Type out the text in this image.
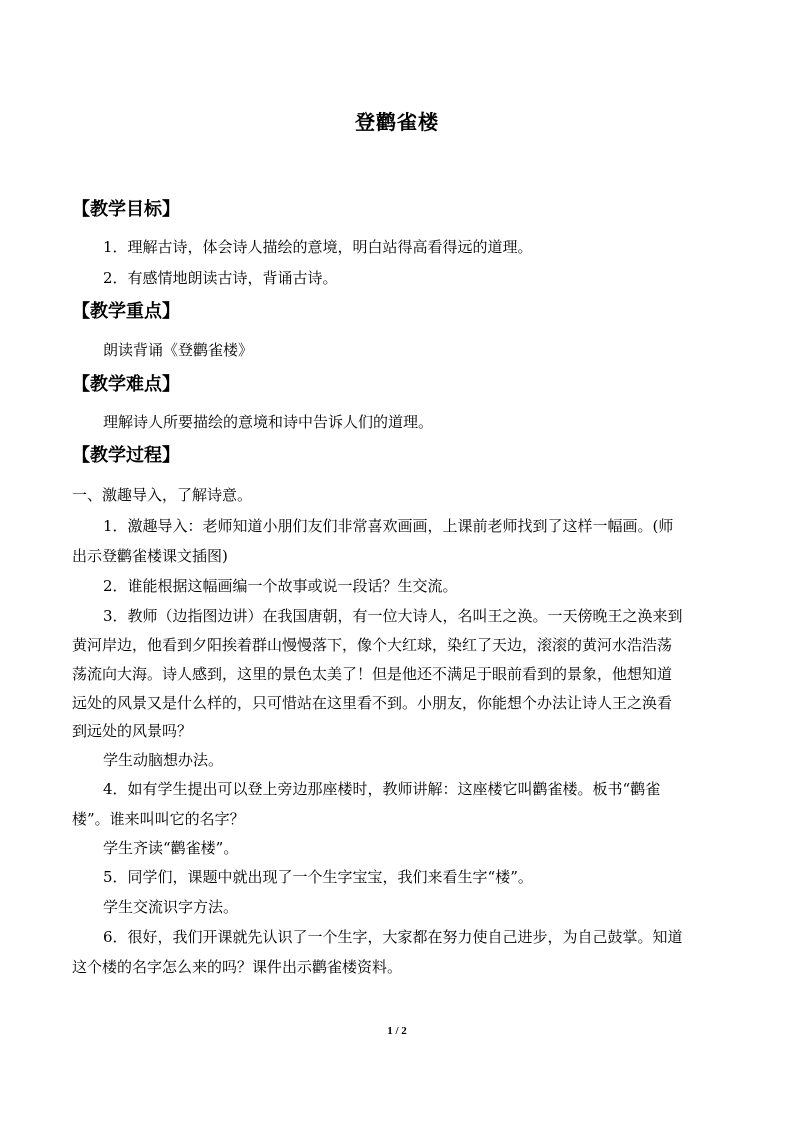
登鹳雀楼
【教学目标】
1．理解古诗，体会诗人描绘的意境，明白站得高看得远的道理。
2．有感情地朗读古诗，背诵古诗。
【教学重点】
朗读背诵《登鹳雀楼》
【教学难点】
理解诗人所要描绘的意境和诗中告诉人们的道理。
【教学过程】
一、激趣导入，了解诗意。
1．激趣导入：老师知道小朋们友们非常喜欢画画，上课前老师找到了这样一幅画。(师
出示登鹳雀楼课文插图)
2．谁能根据这幅画编一个故事或说一段话？生交流。
3．教师（边指图边讲）在我国唐朝，有一位大诗人，名叫王之涣。一天傍晚王之涣来到
黄河岸边，他看到夕阳挨着群山慢慢落下，像个大红球，染红了天边，滚滚的黄河水浩浩荡
荡流向大海。诗人感到，这里的景色太美了！但是他还不满足于眼前看到的景象，他想知道
远处的风景又是什么样的，只可惜站在这里看不到。小朋友，你能想个办法让诗人王之涣看
到远处的风景吗？
学生动脑想办法。
4．如有学生提出可以登上旁边那座楼时，教师讲解：这座楼它叫鹳雀楼。板书“鹳雀
楼”。谁来叫叫它的名字？
学生齐读“鹳雀楼”。
5．同学们，课题中就出现了一个生字宝宝，我们来看生字“楼”。
学生交流识字方法。
6．很好，我们开课就先认识了一个生字，大家都在努力使自己进步，为自己鼓掌。知道
这个楼的名字怎么来的吗？课件出示鹳雀楼资料。
1 / 2
